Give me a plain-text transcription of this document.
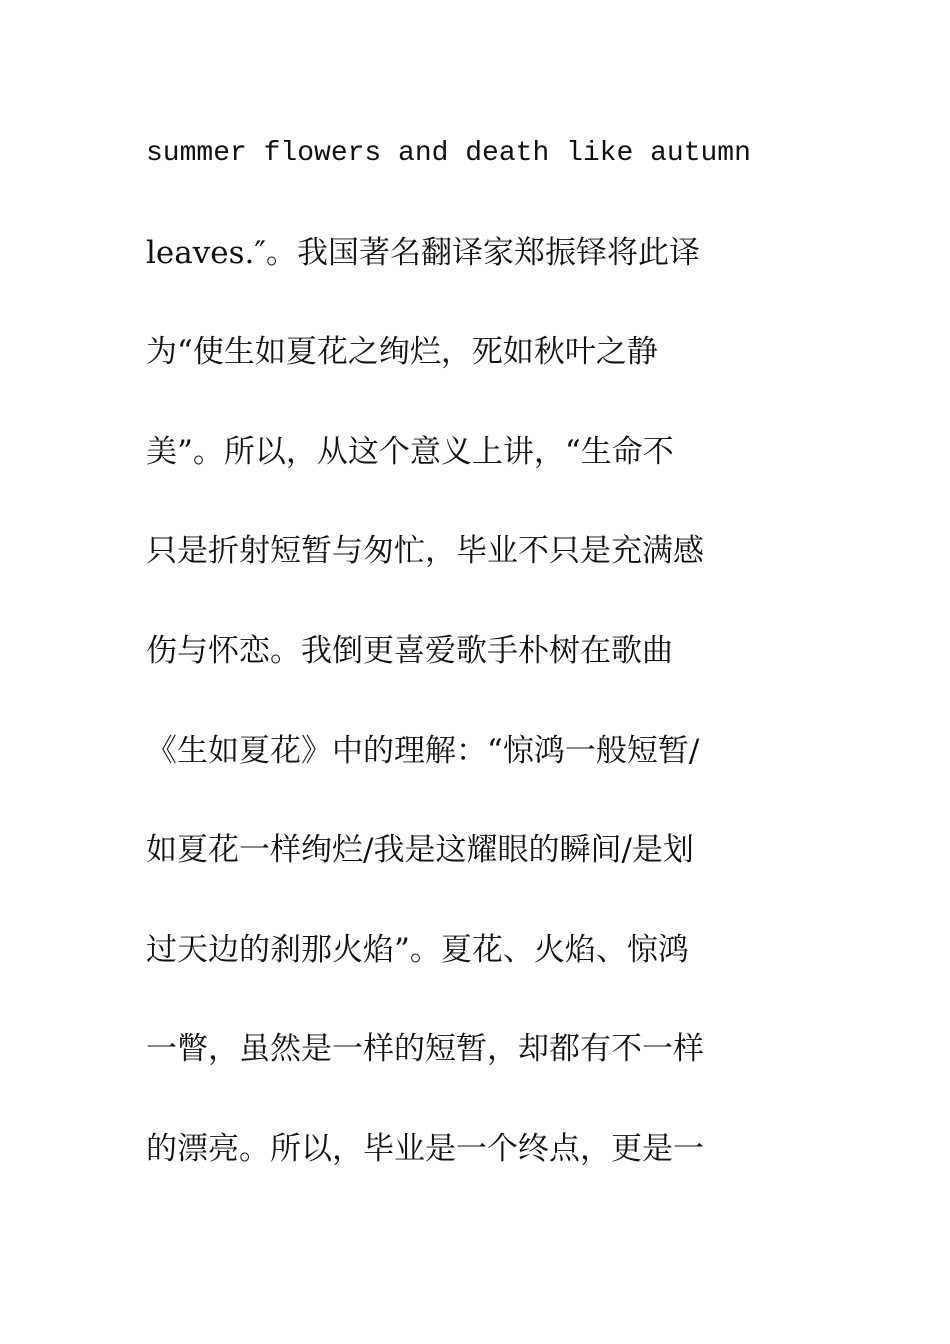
summer flowers and death like autumn
leaves.″。我国著名翻译家郑振铎将此译
为“使生如夏花之绚烂，死如秋叶之静
美”。所以，从这个意义上讲，“生命不
只是折射短暂与匆忙，毕业不只是充满感
伤与怀恋。我倒更喜爱歌手朴树在歌曲
《生如夏花》中的理解：“惊鸿一般短暂/
如夏花一样绚烂/我是这耀眼的瞬间/是划
过天边的刹那火焰”。夏花、火焰、惊鸿
一瞥，虽然是一样的短暂，却都有不一样
的漂亮。所以，毕业是一个终点，更是一
